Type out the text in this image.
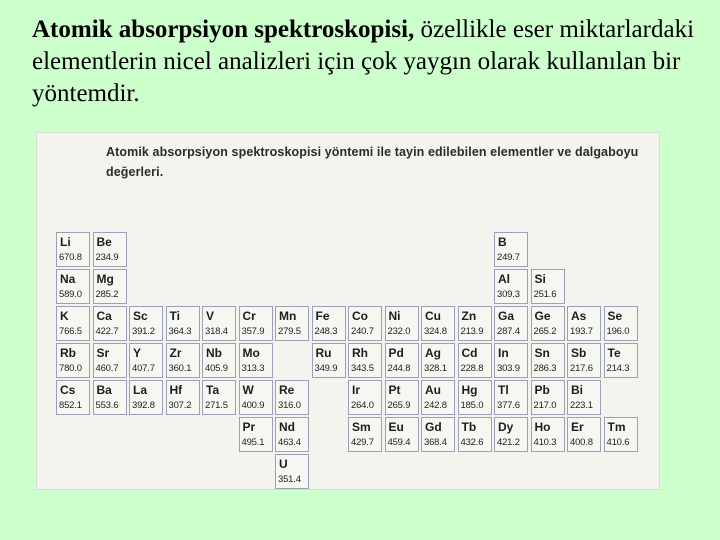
Atomik absorpsiyon spektroskopisi, özellikle eser miktarlardaki elementlerin nicel analizleri için çok yaygın olarak kullanılan bir yöntemdir.
Atomik absorpsiyon spektroskopisi yöntemi ile tayin edilebilen elementler ve dalgaboyu değerleri.
Li
670.8
Be
234.9
B
249.7
Na
589.0
Mg
285.2
Al
309.3
Si
251.6
K
766.5
Ca
422.7
Sc
391.2
Ti
364.3
V
318.4
Cr
357.9
Mn
279.5
Fe
248.3
Co
240.7
Ni
232.0
Cu
324.8
Zn
213.9
Ga
287.4
Ge
265.2
As
193.7
Se
196.0
Rb
780.0
Sr
460.7
Y
407.7
Zr
360.1
Nb
405.9
Mo
313.3
Ru
349.9
Rh
343.5
Pd
244.8
Ag
328.1
Cd
228.8
In
303.9
Sn
286.3
Sb
217.6
Te
214.3
Cs
852.1
Ba
553.6
La
392.8
Hf
307.2
Ta
271.5
W
400.9
Re
316.0
Ir
264.0
Pt
265.9
Au
242.8
Hg
185.0
Tl
377.6
Pb
217.0
Bi
223.1
Pr
495.1
Nd
463.4
Sm
429.7
Eu
459.4
Gd
368.4
Tb
432.6
Dy
421.2
Ho
410.3
Er
400.8
Tm
410.6
U
351.4
